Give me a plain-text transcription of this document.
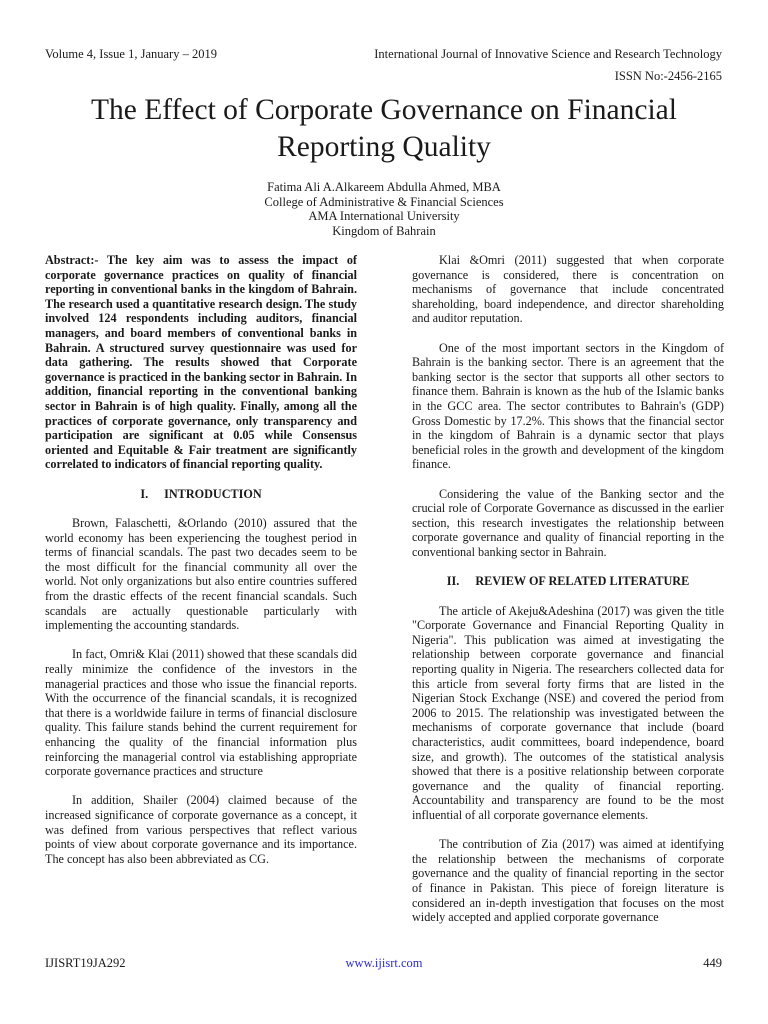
Volume 4, Issue 1, January – 2019	International Journal of Innovative Science and Research Technology
ISSN No:-2456-2165
The Effect of Corporate Governance on Financial Reporting Quality
Fatima Ali A.Alkareem Abdulla Ahmed, MBA
College of Administrative & Financial Sciences
AMA International University
Kingdom of Bahrain

Abstract:- The key aim was to assess the impact of corporate governance practices on quality of financial reporting in conventional banks in the kingdom of Bahrain. The research used a quantitative research design. The study involved 124 respondents including auditors, financial managers, and board members of conventional banks in Bahrain. A structured survey questionnaire was used for data gathering. The results showed that Corporate governance is practiced in the banking sector in Bahrain. In addition, financial reporting in the conventional banking sector in Bahrain is of high quality. Finally, among all the practices of corporate governance, only transparency and participation are significant at 0.05 while Consensus oriented and Equitable & Fair treatment are significantly correlated to indicators of financial reporting quality.

I. INTRODUCTION

Brown, Falaschetti, &Orlando (2010) assured that the world economy has been experiencing the toughest period in terms of financial scandals. The past two decades seem to be the most difficult for the financial community all over the world. Not only organizations but also entire countries suffered from the drastic effects of the recent financial scandals. Such scandals are actually questionable particularly with implementing the accounting standards.

In fact, Omri& Klai (2011) showed that these scandals did really minimize the confidence of the investors in the managerial practices and those who issue the financial reports. With the occurrence of the financial scandals, it is recognized that there is a worldwide failure in terms of financial disclosure quality. This failure stands behind the current requirement for enhancing the quality of the financial information plus reinforcing the managerial control via establishing appropriate corporate governance practices and structure

In addition, Shailer (2004) claimed because of the increased significance of corporate governance as a concept, it was defined from various perspectives that reflect various points of view about corporate governance and its importance. The concept has also been abbreviated as CG.

Klai &Omri (2011) suggested that when corporate governance is considered, there is concentration on mechanisms of governance that include concentrated shareholding, board independence, and director shareholding and auditor reputation.

One of the most important sectors in the Kingdom of Bahrain is the banking sector. There is an agreement that the banking sector is the sector that supports all other sectors to finance them. Bahrain is known as the hub of the Islamic banks in the GCC area. The sector contributes to Bahrain's (GDP) Gross Domestic by 17.2%. This shows that the financial sector in the kingdom of Bahrain is a dynamic sector that plays beneficial roles in the growth and development of the kingdom finance.

Considering the value of the Banking sector and the crucial role of Corporate Governance as discussed in the earlier section, this research investigates the relationship between corporate governance and quality of financial reporting in the conventional banking sector in Bahrain.

II. REVIEW OF RELATED LITERATURE

The article of Akeju&Adeshina (2017) was given the title "Corporate Governance and Financial Reporting Quality in Nigeria". This publication was aimed at investigating the relationship between corporate governance and financial reporting quality in Nigeria. The researchers collected data for this article from several forty firms that are listed in the Nigerian Stock Exchange (NSE) and covered the period from 2006 to 2015. The relationship was investigated between the mechanisms of corporate governance that include (board characteristics, audit committees, board independence, board size, and growth). The outcomes of the statistical analysis showed that there is a positive relationship between corporate governance and the quality of financial reporting. Accountability and transparency are found to be the most influential of all corporate governance elements.

The contribution of Zia (2017) was aimed at identifying the relationship between the mechanisms of corporate governance and the quality of financial reporting in the sector of finance in Pakistan. This piece of foreign literature is considered an in-depth investigation that focuses on the most widely accepted and applied corporate governance

IJISRT19JA292	www.ijisrt.com	449
